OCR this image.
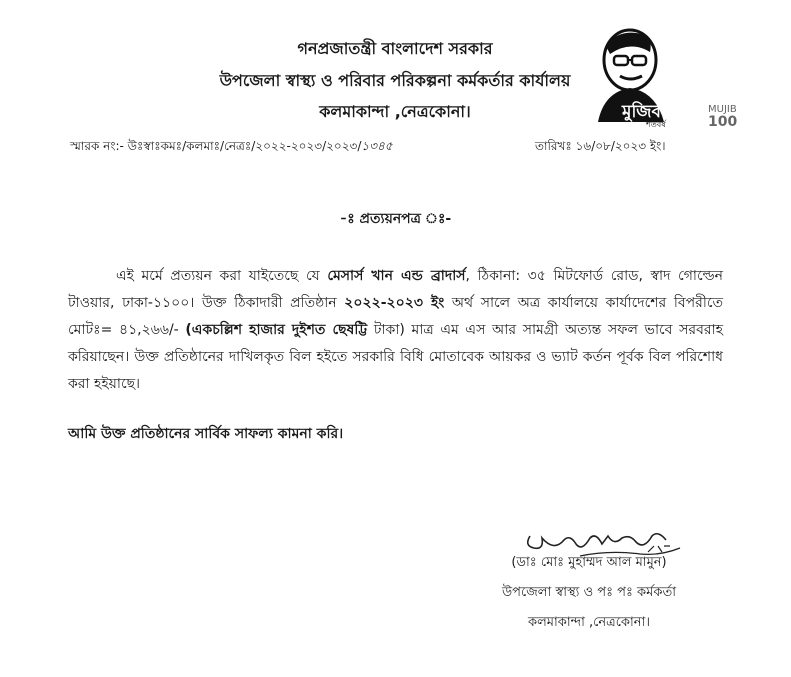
গনপ্রজাতন্ত্রী বাংলাদেশ সরকার
উপজেলা স্বাস্থ্য ও পরিবার পরিকল্পনা কর্মকর্তার কার্যালয়
কলমাকান্দা ,নেত্রকোনা।	মুজিব
শতবর্ষ
MUJIB
100
স্মারক নং:- উঃস্বাঃকমঃ/কলমাঃ/নেত্রঃ/২০২২-২০২৩/২০২৩/১৩৪৫	তারিখঃ ১৬/০৮/২০২৩ ইং।
-ঃ প্রত্যয়নপত্র ঃ-
এই মর্মে প্রত্যয়ন করা যাইতেছে যে মেসার্স খান এন্ড ব্রাদার্স, ঠিকানা: ৩৫ মিটফোর্ড রোড, স্বাদ গোল্ডেন টাওয়ার, ঢাকা-১১০০। উক্ত ঠিকাদারী প্রতিষ্ঠান ২০২২-২০২৩ ইং অর্থ সালে অত্র কার্যালয়ে কার্যাদেশের বিপরীতে মোটঃ= ৪১,২৬৬/- (একচল্লিশ হাজার দুইশত ছেষট্টি টাকা) মাত্র এম এস আর সামগ্রী অত্যন্ত সফল ভাবে সরবরাহ করিয়াছেন। উক্ত প্রতিষ্ঠানের দাখিলকৃত বিল হইতে সরকারি বিধি মোতাবেক আয়কর ও ভ্যাট কর্তন পূর্বক বিল পরিশোধ করা হইয়াছে।
আমি উক্ত প্রতিষ্ঠানের সার্বিক সাফল্য কামনা করি।
(ডাঃ মোঃ মুহাম্মদ আল মামুন)
উপজেলা স্বাস্থ্য ও পঃ পঃ কর্মকর্তা
কলমাকান্দা ,নেত্রকোনা।
